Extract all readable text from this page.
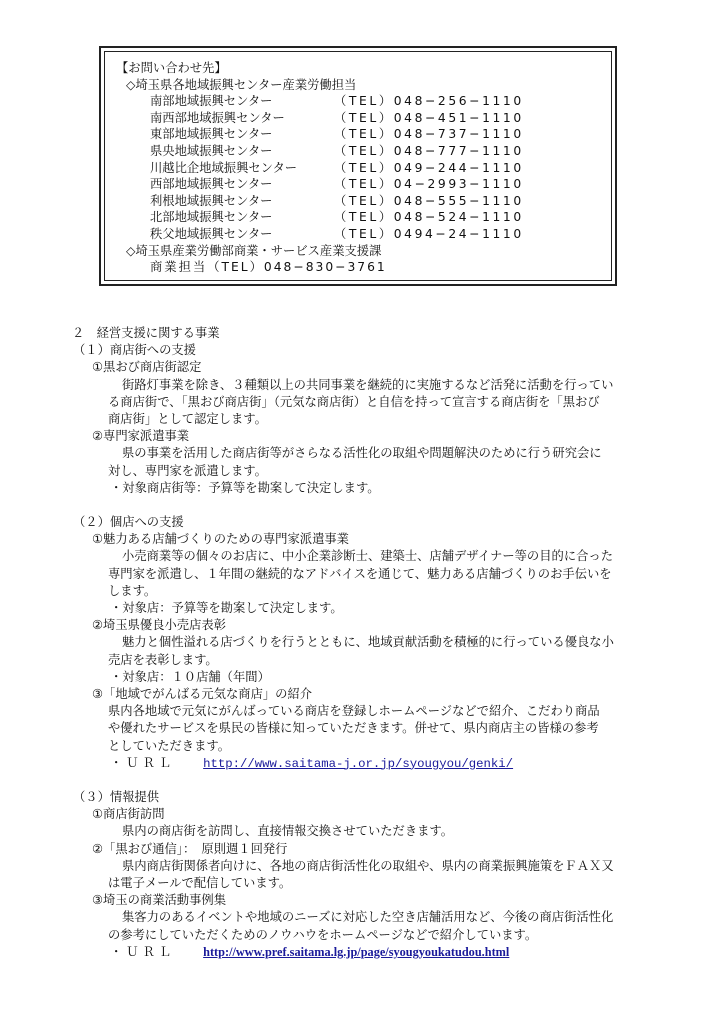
【お問い合わせ先】
◇埼玉県各地域振興センター産業労働担当
南部地域振興センター	（TEL）048−256−1110
南西部地域振興センター	（TEL）048−451−1110
東部地域振興センター	（TEL）048−737−1110
県央地域振興センター	（TEL）048−777−1110
川越比企地域振興センター	（TEL）049−244−1110
西部地域振興センター	（TEL）04−2993−1110
利根地域振興センター	（TEL）048−555−1110
北部地域振興センター	（TEL）048−524−1110
秩父地域振興センター	（TEL）0494−24−1110
◇埼玉県産業労働部商業・サービス産業支援課
商業担当（TEL）048−830−3761
２　経営支援に関する事業
（１）商店街への支援
①黒おび商店街認定
街路灯事業を除き、３種類以上の共同事業を継続的に実施するなど活発に活動を行ってい
る商店街で、「黒おび商店街」（元気な商店街）と自信を持って宣言する商店街を「黒おび
商店街」として認定します。
②専門家派遣事業
県の事業を活用した商店街等がさらなる活性化の取組や問題解決のために行う研究会に
対し、専門家を派遣します。
・対象商店街等：予算等を勘案して決定します。
（２）個店への支援
①魅力ある店舗づくりのための専門家派遣事業
小売商業等の個々のお店に、中小企業診断士、建築士、店舗デザイナー等の目的に合った
専門家を派遣し、１年間の継続的なアドバイスを通じて、魅力ある店舗づくりのお手伝いを
します。
・対象店：予算等を勘案して決定します。
②埼玉県優良小売店表彰
魅力と個性溢れる店づくりを行うとともに、地域貢献活動を積極的に行っている優良な小
売店を表彰します。
・対象店：１０店舗（年間）
③「地域でがんばる元気な商店」の紹介
県内各地域で元気にがんばっている商店を登録しホームページなどで紹介、こだわり商品
や優れたサービスを県民の皆様に知っていただきます。併せて、県内商店主の皆様の参考
としていただきます。
・ＵＲＬ http://www.saitama-j.or.jp/syougyou/genki/
（３）情報提供
①商店街訪問
県内の商店街を訪問し、直接情報交換させていただきます。
②「黒おび通信」：　原則週１回発行
県内商店街関係者向けに、各地の商店街活性化の取組や、県内の商業振興施策をＦＡＸ又
は電子メールで配信しています。
③埼玉の商業活動事例集
集客力のあるイベントや地域のニーズに対応した空き店舗活用など、今後の商店街活性化
の参考にしていただくためのノウハウをホームページなどで紹介しています。
・ＵＲＬ http://www.pref.saitama.lg.jp/page/syougyoukatudou.html
